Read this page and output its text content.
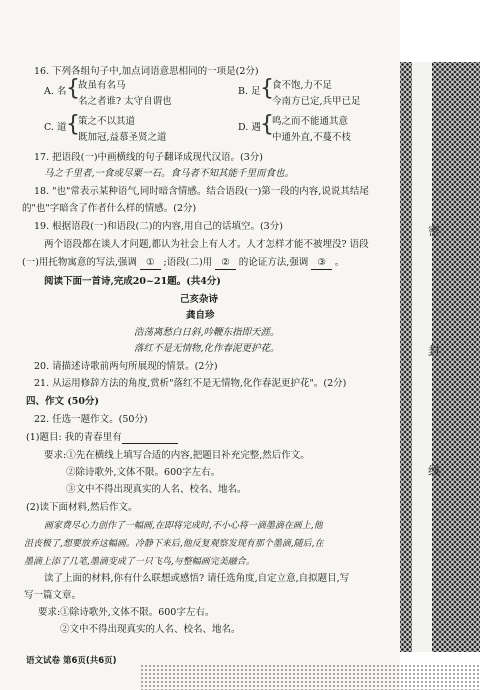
16. 下列各组句子中,加点词语意思相同的一项是(2分)
A. 名 {
故虽有名马
名之者谁? 太守自谓也
B. 足 {
食不饱,力不足
今南方已定,兵甲已足
C. 道 {
策之不以其道
既加冠,益慕圣贤之道
D. 遇 {
鸣之而不能通其意
中通外直,不蔓不枝
17. 把语段(一)中画横线的句子翻译成现代汉语。(3分)
马之千里者,一食或尽粟一石。食马者不知其能千里而食也。
18. "也"常表示某种语气,同时暗含情感。结合语段(一)第一段的内容,说说其结尾
的"也"字暗含了作者什么样的情感。(2分)
19. 根据语段(一)和语段(二)的内容,用自己的话填空。(3分)
两个语段都在谈人才问题,都认为社会上有人才。人才怎样才能不被埋没? 语段
(一)用托物寓意的写法,强调 ① ;语段(二)用 ② 的论证方法,强调 ③ 。
阅读下面一首诗,完成20~21题。(共4分)
己亥杂诗
龚自珍
浩荡离愁白日斜,吟鞭东指即天涯。
落红不是无情物,化作春泥更护花。
20. 请描述诗歌前两句所展现的情景。(2分)
21. 从运用修辞方法的角度,赏析"落红不是无情物,化作春泥更护花"。(2分)
四、作文 (50分)
22. 任选一题作文。(50分)
(1)题目: 我的青春里有
要求:①先在横线上填写合适的内容,把题目补充完整,然后作文。
②除诗歌外,文体不限。600字左右。
③文中不得出现真实的人名、校名、地名。
(2)读下面材料,然后作文。
画家费尽心力创作了一幅画,在即将完成时,不小心将一滴墨滴在画上,他
沮丧极了,想要放弃这幅画。冷静下来后,他反复观察发现有那个墨滴,随后,在
墨滴上添了几笔,墨滴变成了一只飞鸟,与整幅画完美融合。
读了上面的材料,你有什么联想或感悟? 请任选角度,自定立意,自拟题目,写
写一篇文章。
要求:①除诗歌外,文体不限。600字左右。
②文中不得出现真实的人名、校名、地名。
语文试卷 第6页(共6页)
密
封
线
